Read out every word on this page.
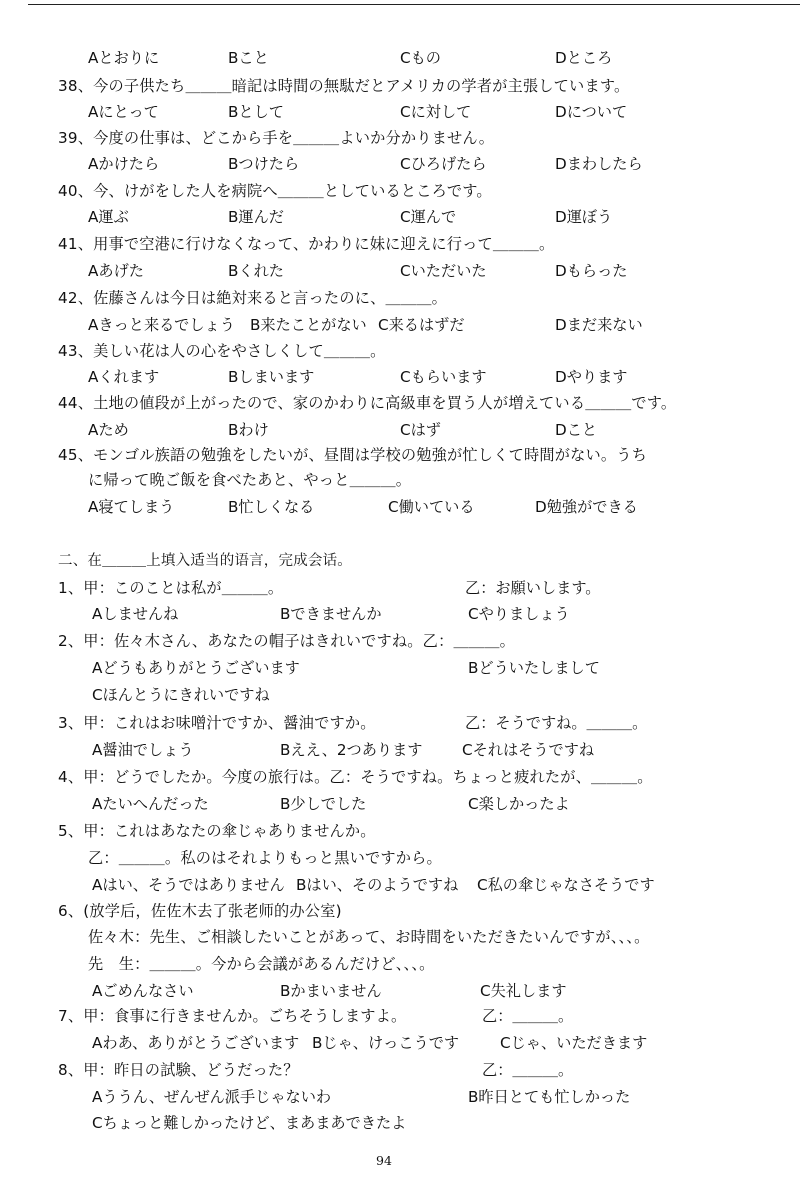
Aとおりに	Bこと	Cもの	Dところ
38、今の子供たち＿＿＿暗記は時間の無駄だとアメリカの学者が主張しています。
Aにとって	Bとして	Cに対して	Dについて
39、今度の仕事は、どこから手を＿＿＿よいか分かりません。
Aかけたら	Bつけたら	Cひろげたら	Dまわしたら
40、今、けがをした人を病院へ＿＿＿としているところです。
A運ぶ	B運んだ	C運んで	D運ぼう
41、用事で空港に行けなくなって、かわりに妹に迎えに行って＿＿＿。
Aあげた	Bくれた	Cいただいた	Dもらった
42、佐藤さんは今日は絶対来ると言ったのに、＿＿＿。
Aきっと来るでしょう B来たことがない C来るはずだ	Dまだ来ない
43、美しい花は人の心をやさしくして＿＿＿。
Aくれます	Bしまいます	Cもらいます	Dやります
44、土地の値段が上がったので、家のかわりに高級車を買う人が増えている＿＿＿です。
Aため	Bわけ	Cはず	Dこと
45、モンゴル族語の勉強をしたいが、昼間は学校の勉強が忙しくて時間がない。うち
に帰って晩ご飯を食べたあと、やっと＿＿＿。
A寝てしまう	B忙しくなる	C働いている	D勉強ができる
二、在＿＿＿上填入适当的语言，完成会话。
1、甲：このことは私が＿＿＿。	乙：お願いします。
Aしませんね	Bできませんか	Cやりましょう
2、甲：佐々木さん、あなたの帽子はきれいですね。乙：＿＿＿。
Aどうもありがとうございます	Bどういたしまして
Cほんとうにきれいですね
3、甲：これはお味噌汁ですか、醤油ですか。	乙：そうですね。＿＿＿。
A醤油でしょう	Bええ、2つあります	Cそれはそうですね
4、甲：どうでしたか。今度の旅行は。乙：そうですね。ちょっと疲れたが、＿＿＿。
Aたいへんだった	B少しでした	C楽しかったよ
5、甲：これはあなたの傘じゃありませんか。
乙：＿＿＿。私のはそれよりもっと黒いですから。
Aはい、そうではありません Bはい、そのようですね C私の傘じゃなさそうです
6、(放学后，佐佐木去了张老师的办公室)
佐々木：先生、ご相談したいことがあって、お時間をいただきたいんですが、、、。
先　生：＿＿＿。今から会議があるんだけど、、、。
Aごめんなさい	Bかまいません	C失礼します
7、甲：食事に行きませんか。ごちそうしますよ。	乙：＿＿＿。
Aわあ、ありがとうございます Bじゃ、けっこうです	Cじゃ、いただきます
8、甲：昨日の試験、どうだった？	乙：＿＿＿。
Aううん、ぜんぜん派手じゃないわ	B昨日とても忙しかった
Cちょっと難しかったけど、まあまあできたよ
94
